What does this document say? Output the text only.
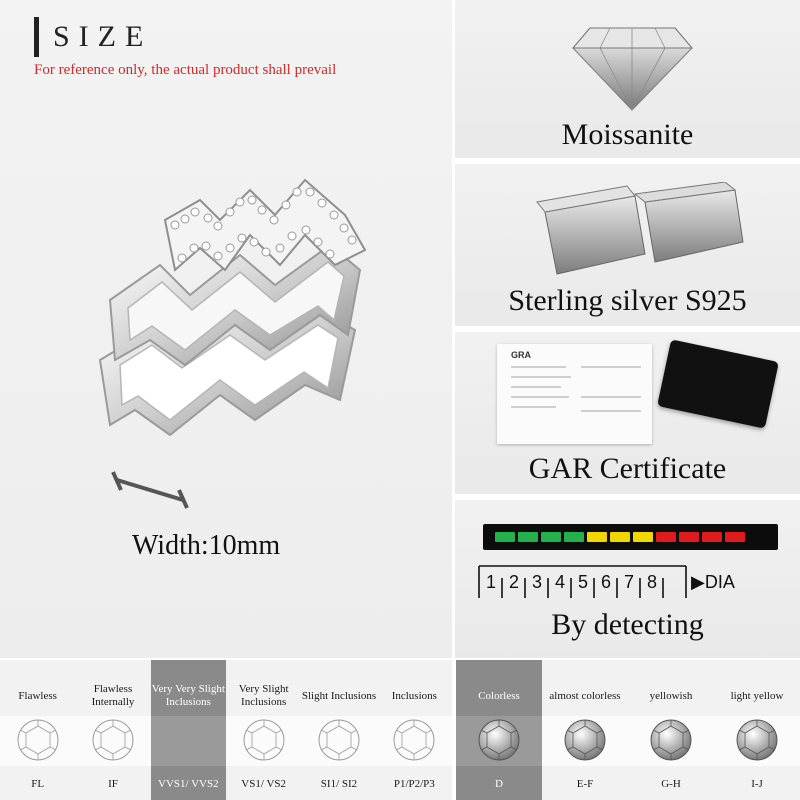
SIZE
For reference only, the actual product shall prevail
Width:10mm
Moissanite
Sterling silver S925
GRA
GAR Certificate
1 2 3 4 5 6 7 8 ▶DIA
By detecting
Flawless
FL
Flawless Internally
IF
Very Very Slight Inclusions
VVS1/ VVS2
Very Slight Inclusions
VS1/ VS2
Slight Inclusions
SI1/ SI2
Inclusions
P1/P2/P3
Colorless
D
almost colorless
E-F
yellowish
G-H
light yellow
I-J
